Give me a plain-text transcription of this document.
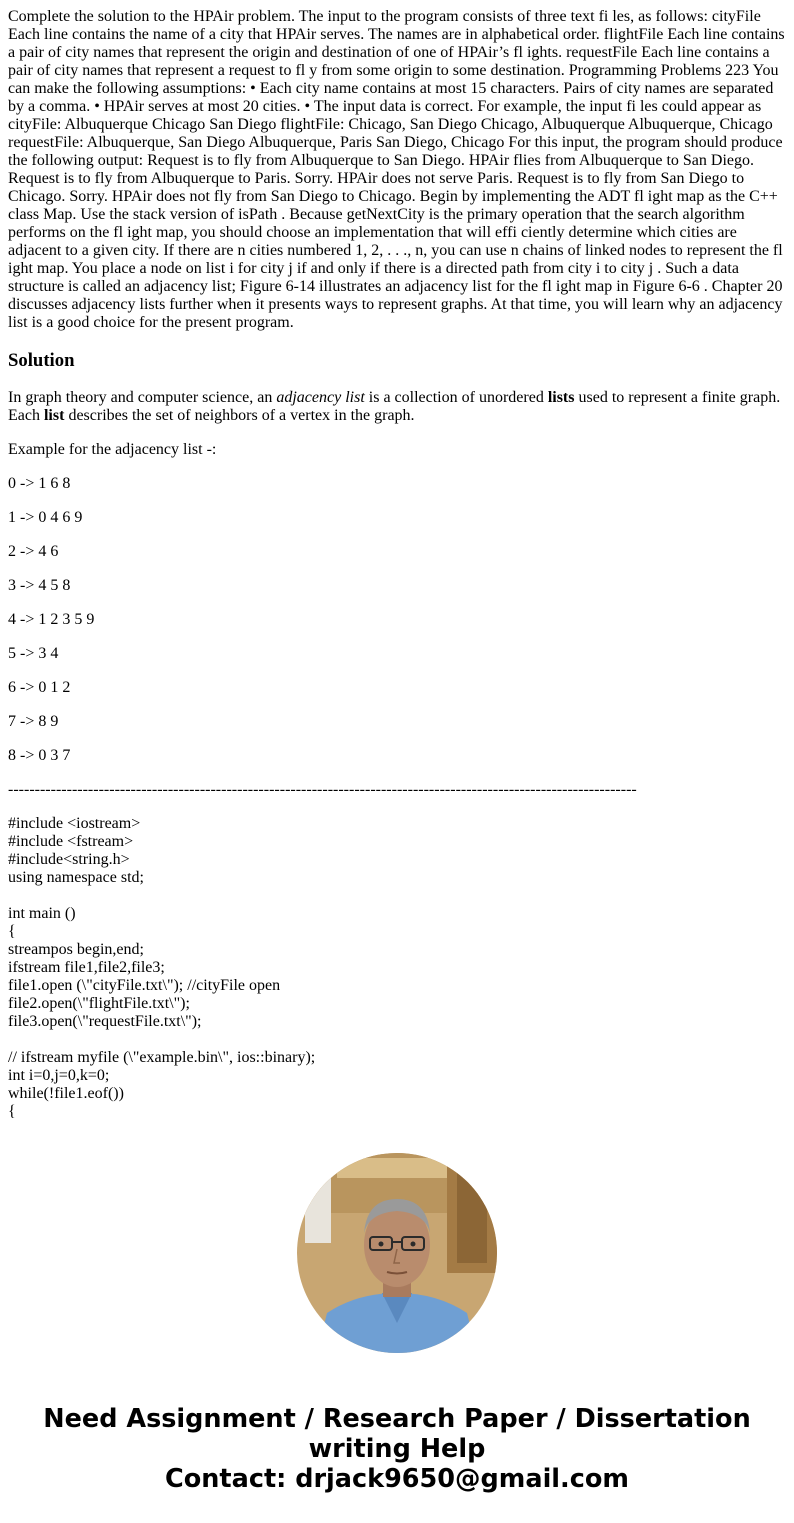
Complete the solution to the HPAir problem. The input to the program consists of three text fi les, as follows: cityFile Each line contains the name of a city that HPAir serves. The names are in alphabetical order. flightFile Each line contains a pair of city names that represent the origin and destination of one of HPAir’s fl ights. requestFile Each line contains a pair of city names that represent a request to fl y from some origin to some destination. Programming Problems 223 You can make the following assumptions: • Each city name contains at most 15 characters. Pairs of city names are separated by a comma. • HPAir serves at most 20 cities. • The input data is correct. For example, the input fi les could appear as cityFile: Albuquerque Chicago San Diego flightFile: Chicago, San Diego Chicago, Albuquerque Albuquerque, Chicago requestFile: Albuquerque, San Diego Albuquerque, Paris San Diego, Chicago For this input, the program should produce the following output: Request is to fly from Albuquerque to San Diego. HPAir flies from Albuquerque to San Diego. Request is to fly from Albuquerque to Paris. Sorry. HPAir does not serve Paris. Request is to fly from San Diego to Chicago. Sorry. HPAir does not fly from San Diego to Chicago. Begin by implementing the ADT fl ight map as the C++ class Map. Use the stack version of isPath . Because getNextCity is the primary operation that the search algorithm performs on the fl ight map, you should choose an implementation that will effi ciently determine which cities are adjacent to a given city. If there are n cities numbered 1, 2, . . ., n, you can use n chains of linked nodes to represent the fl ight map. You place a node on list i for city j if and only if there is a directed path from city i to city j . Such a data structure is called an adjacency list; Figure 6-14 illustrates an adjacency list for the fl ight map in Figure 6-6 . Chapter 20 discusses adjacency lists further when it presents ways to represent graphs. At that time, you will learn why an adjacency list is a good choice for the present program.
Solution
In graph theory and computer science, an adjacency list is a collection of unordered lists used to represent a finite graph. Each list describes the set of neighbors of a vertex in the graph.
Example for the adjacency list -:
0 -> 1 6 8
1 -> 0 4 6 9
2 -> 4 6
3 -> 4 5 8
4 -> 1 2 3 5 9
5 -> 3 4
6 -> 0 1 2
7 -> 8 9
8 -> 0 3 7
----------------------------------------------------------------------------------------------------------------------
#include <iostream>
#include <fstream>
#include<string.h>
using namespace std;
int main ()
{
streampos begin,end;
ifstream file1,file2,file3;
file1.open (\"cityFile.txt\"); //cityFile open
file2.open(\"flightFile.txt\");
file3.open(\"requestFile.txt\");
// ifstream myfile (\"example.bin\", ios::binary);
int i=0,j=0,k=0;
while(!file1.eof())
{
Need Assignment / Research Paper / Dissertation
writing Help
Contact: drjack9650@gmail.com
